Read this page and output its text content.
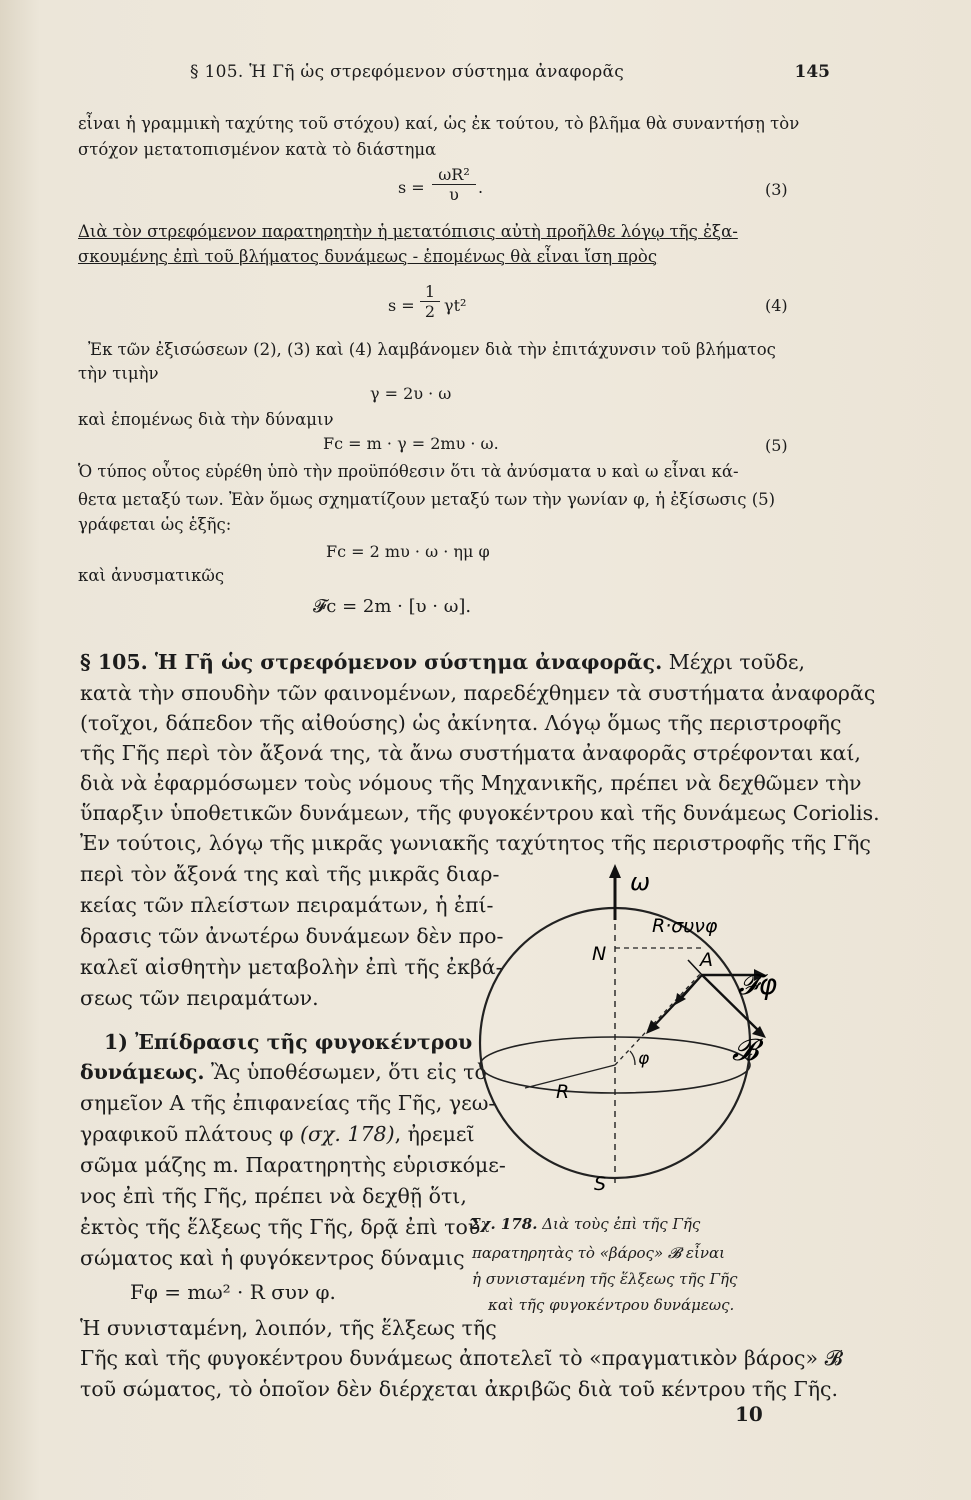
§ 105. Ἡ Γῆ ὡς στρεφόμενον σύστημα ἀναφορᾶς	145
εἶναι ἡ γραμμικὴ ταχύτης τοῦ στόχου) καί, ὡς ἐκ τούτου, τὸ βλῆμα θὰ συναντήσῃ τὸν
στόχον μετατοπισμένον κατὰ τὸ διάστημα
$s = \frac{\text{ωR²}}{\upsilon}$ .	(3)
Διὰ τὸν στρεφόμενον παρατηρητὴν ἡ μετατόπισις αὐτὴ προῆλθε λόγῳ τῆς ἐξα-
σκουμένης ἐπὶ τοῦ βλήματος δυνάμεως - ἑπομένως θὰ εἶναι ἴση πρὸς
$s = \frac{1}{2} \gamma t^2$	(4)
Ἐκ τῶν ἐξισώσεων (2), (3) καὶ (4) λαμβάνομεν διὰ τὴν ἐπιτάχυνσιν τοῦ βλήματος
τὴν τιμὴν
γ = 2υ · ω
καὶ ἑπομένως διὰ τὴν δύναμιν
Fc = m · γ = 2mυ · ω.	(5)
Ὁ τύπος οὗτος εὑρέθη ὑπὸ τὴν προϋπόθεσιν ὅτι τὰ ἀνύσματα υ καὶ ω εἶναι κά-
θετα μεταξύ των. Ἐὰν ὅμως σχηματίζουν μεταξύ των τὴν γωνίαν φ, ἡ ἐξίσωσις (5)
γράφεται ὡς ἑξῆς:
Fc = 2 mυ · ω · ημ φ
καὶ ἀνυσματικῶς
𝓕c = 2m · [υ · ω].
§ 105. Ἡ Γῆ ὡς στρεφόμενον σύστημα ἀναφορᾶς. Μέχρι τοῦδε,
κατὰ τὴν σπουδὴν τῶν φαινομένων, παρεδέχθημεν τὰ συστήματα ἀναφορᾶς
(τοῖχοι, δάπεδον τῆς αἰθούσης) ὡς ἀκίνητα. Λόγῳ ὅμως τῆς περιστροφῆς
τῆς Γῆς περὶ τὸν ἄξονά της, τὰ ἄνω συστήματα ἀναφορᾶς στρέφονται καί,
διὰ νὰ ἐφαρμόσωμεν τοὺς νόμους τῆς Μηχανικῆς, πρέπει νὰ δεχθῶμεν τὴν
ὕπαρξιν ὑποθετικῶν δυνάμεων, τῆς φυγοκέντρου καὶ τῆς δυνάμεως Coriolis.
Ἐν τούτοις, λόγῳ τῆς μικρᾶς γωνιακῆς ταχύτητος τῆς περιστροφῆς τῆς Γῆς
περὶ τὸν ἄξονά της καὶ τῆς μικρᾶς διαρ-
κείας τῶν πλείστων πειραμάτων, ἡ ἐπί-
δρασις τῶν ἀνωτέρω δυνάμεων δὲν προ-
καλεῖ αἰσθητὴν μεταβολὴν ἐπὶ τῆς ἐκβά-
σεως τῶν πειραμάτων.
1) Ἐπίδρασις τῆς φυγοκέντρου
δυνάμεως. Ἂς ὑποθέσωμεν, ὅτι εἰς τὸ
σημεῖον A τῆς ἐπιφανείας τῆς Γῆς, γεω-
γραφικοῦ πλάτους φ (σχ. 178), ἠρεμεῖ
σῶμα μάζης m. Παρατηρητὴς εὑρισκόμε-
νος ἐπὶ τῆς Γῆς, πρέπει νὰ δεχθῇ ὅτι,
ἐκτὸς τῆς ἕλξεως τῆς Γῆς, δρᾷ ἐπὶ τοῦ
σώματος καὶ ἡ φυγόκεντρος δύναμις
Fφ = mω² · R συν φ.
Ἡ συνισταμένη, λοιπόν, τῆς ἕλξεως τῆς
Γῆς καὶ τῆς φυγοκέντρου δυνάμεως ἀποτελεῖ τὸ «πραγματικὸν βάρος» 𝓑
τοῦ σώματος, τὸ ὁποῖον δὲν διέρχεται ἀκριβῶς διὰ τοῦ κέντρου τῆς Γῆς.
ω
R·συνφ
N	A
𝓕φ
𝓑
R
φ
S
Σχ. 178. Διὰ τοὺς ἐπὶ τῆς Γῆς
παρατηρητὰς τὸ «βάρος» 𝓑 εἶναι
ἡ συνισταμένη τῆς ἕλξεως τῆς Γῆς
καὶ τῆς φυγοκέντρου δυνάμεως.
10
